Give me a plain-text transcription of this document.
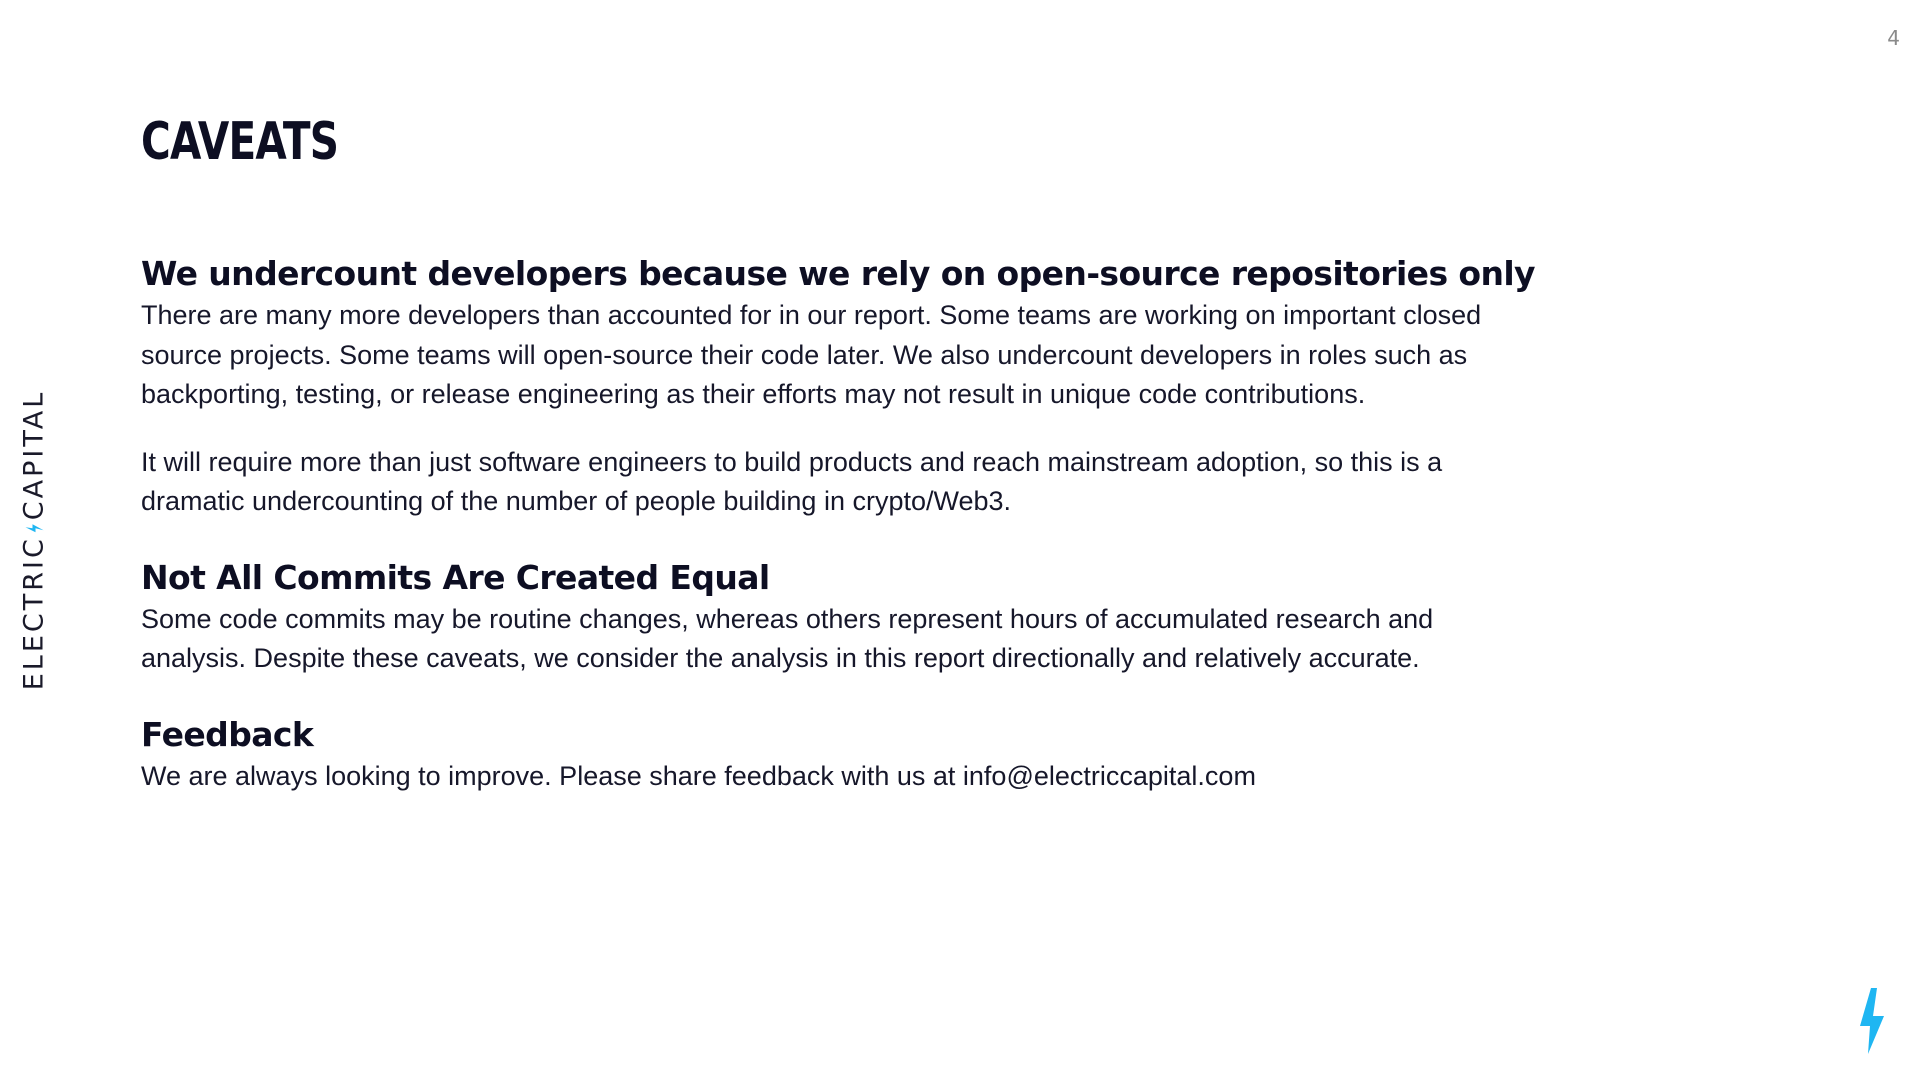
4
ELECTRIC
CAPITAL
CAVEATS
We undercount developers because we rely on open-source repositories only

There are many more developers than accounted for in our report. Some teams are working on important closed source projects. Some teams will open-source their code later. We also undercount developers in roles such as backporting, testing, or release engineering as their efforts may not result in unique code contributions.

It will require more than just software engineers to build products and reach mainstream adoption, so this is a dramatic undercounting of the number of people building in crypto/Web3.

Not All Commits Are Created Equal

Some code commits may be routine changes, whereas others represent hours of accumulated research and analysis. Despite these caveats, we consider the analysis in this report directionally and relatively accurate.

Feedback

We are always looking to improve. Please share feedback with us at info@electriccapital.com
